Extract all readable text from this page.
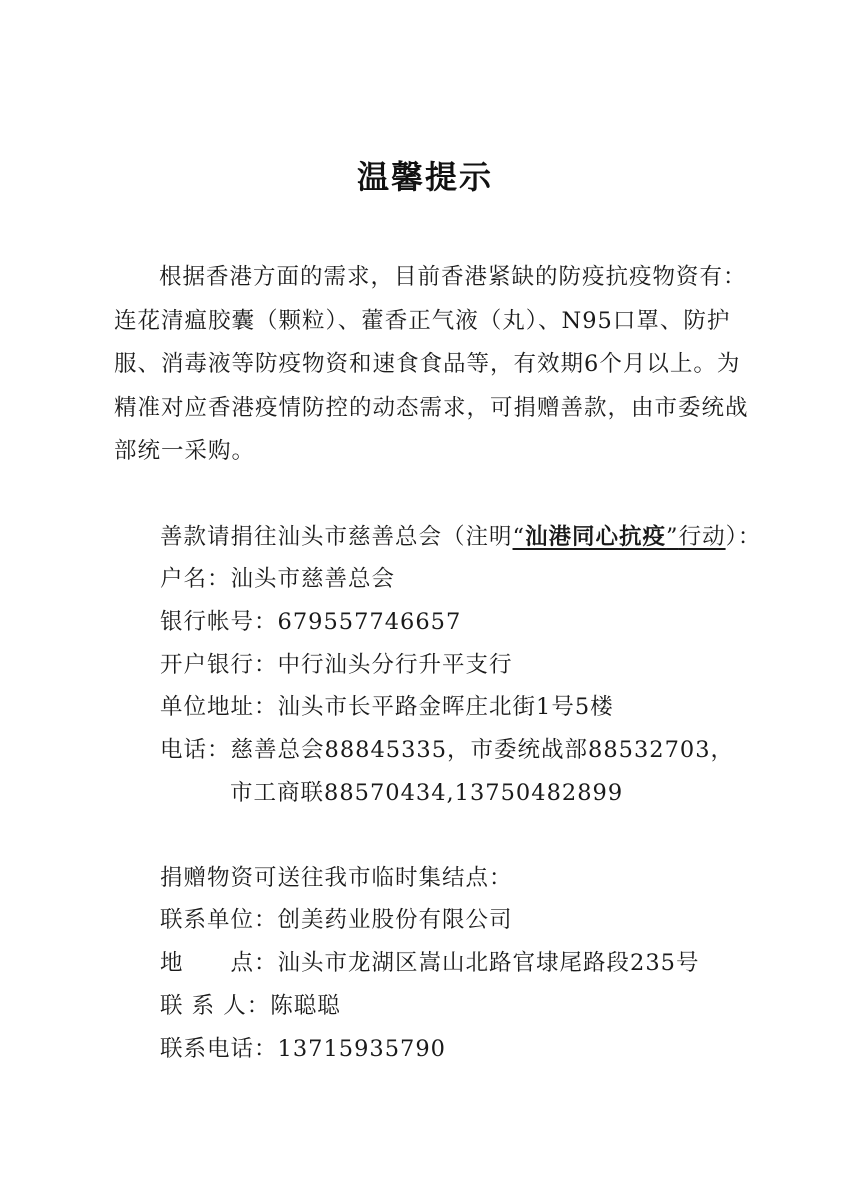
温馨提示

根据香港方面的需求，目前香港紧缺的防疫抗疫物资有：连花清瘟胶囊（颗粒）、藿香正气液（丸）、N95口罩、防护服、消毒液等防疫物资和速食食品等，有效期6个月以上。为精准对应香港疫情防控的动态需求，可捐赠善款，由市委统战部统一采购。

善款请捐往汕头市慈善总会（注明“汕港同心抗疫”行动）：
户名：汕头市慈善总会
银行帐号：679557746657
开户银行：中行汕头分行升平支行
单位地址：汕头市长平路金晖庄北街1号5楼
电话：慈善总会88845335，市委统战部88532703，
市工商联88570434,13750482899
捐赠物资可送往我市临时集结点：
联系单位：创美药业股份有限公司
地　　点：汕头市龙湖区嵩山北路官埭尾路段235号
联 系 人：陈聪聪
联系电话：13715935790
